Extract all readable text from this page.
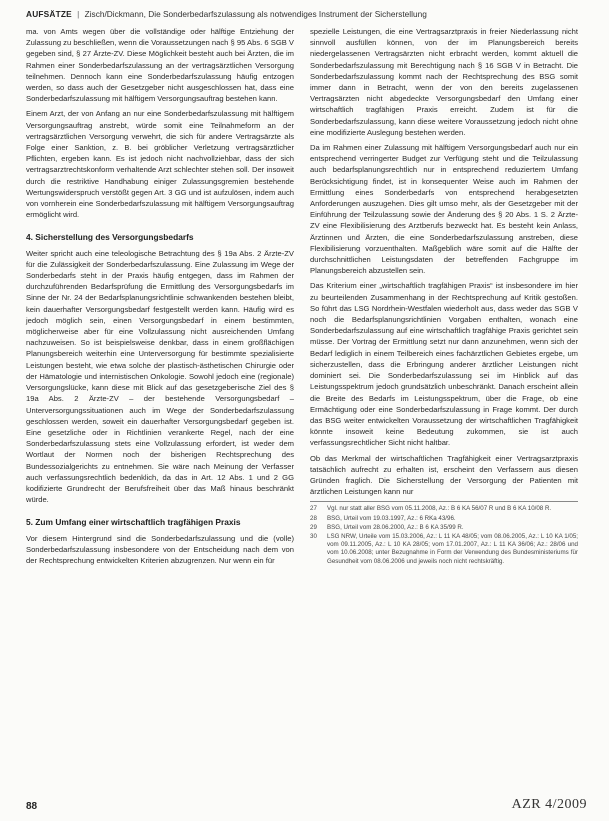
AUFSÄTZE | Zisch/Dickmann, Die Sonderbedarfszulassung als notwendiges Instrument der Sicherstellung

ma. von Amts wegen über die vollständige oder hälftige Entziehung der Zulassung zu beschließen, wenn die Voraussetzungen nach § 95 Abs. 6 SGB V gegeben sind, § 27 Ärzte-ZV. Diese Möglichkeit besteht auch bei Ärzten, die im Rahmen einer Sonderbedarfszulassung an der vertragsärztlichen Versorgung teilnehmen. Dennoch kann eine Sonderbedarfszulassung häufig entzogen werden, so dass auch der Gesetzgeber nicht ausgeschlossen hat, dass eine Sonderbedarfszulassung mit hälftigem Versorgungsauftrag bestehen kann.

Einem Arzt, der von Anfang an nur eine Sonderbedarfszulassung mit hälftigem Versorgungsauftrag anstrebt, würde somit eine Teilnahmeform an der vertragsärztlichen Versorgung verwehrt, die sich für andere Vertragsärzte als Folge einer Sanktion, z. B. bei gröblicher Verletzung vertragsärztlicher Pflichten, ergeben kann. Es ist jedoch nicht nachvollziehbar, dass der sich vertragsarztrechtskonform verhaltende Arzt schlechter stehen soll. Der insoweit durch die restriktive Handhabung einiger Zulassungsgremien bestehende Wertungswiderspruch verstößt gegen Art. 3 GG und ist aufzulösen, indem auch von vornherein eine Sonderbedarfszulassung mit hälftigem Versorgungsauftrag ermöglicht wird.

4. Sicherstellung des Versorgungsbedarfs

Weiter spricht auch eine teleologische Betrachtung des § 19a Abs. 2 Ärzte-ZV für die Zulässigkeit der Sonderbedarfszulassung. Eine Zulassung im Wege der Sonderbedarfs steht in der Praxis häufig entgegen, dass im Rahmen der durchzuführenden Bedarfsprüfung die Ermittlung des Versorgungsbedarfs im Sinne der Nr. 24 der Bedarfsplanungsrichtlinie schwankenden bestehen bleibt, kein dauerhafter Versorgungsbedarf festgestellt werden kann. Häufig wird es jedoch möglich sein, einen Versorgungsbedarf in einem bestimmten, möglicherweise aber für eine Vollzulassung nicht ausreichenden Umfang nachzuweisen. So ist beispielsweise denkbar, dass in einem großflächigen Planungsbereich weiterhin eine Unterversorgung für bestimmte spezialisierte Leistungen besteht, wie etwa solche der plastisch-ästhetischen Chirurgie oder der Hämatologie und internistischen Onkologie. Sowohl jedoch eine (regionale) Versorgungslücke, kann diese mit Blick auf das gesetzgeberische Ziel des § 19a Abs. 2 Ärzte-ZV – der bestehende Versorgungsbedarf – Unterversorgungssituationen auch im Wege der Sonderbedarfszulassung geschlossen werden, soweit ein dauerhafter Versorgungsbedarf gegeben ist. Eine gesetzliche oder in Richtlinien verankerte Regel, nach der eine Sonderbedarfszulassung stets eine Vollzulassung erfordert, ist weder dem Wortlaut der Normen noch der bisherigen Rechtsprechung des Bundessozialgerichts zu entnehmen. Sie wäre nach Meinung der Verfasser auch verfassungsrechtlich bedenklich, da das in Art. 12 Abs. 1 und 2 GG kodifizierte Grundrecht der Berufsfreiheit über das Maß hinaus beschränkt würde.

5. Zum Umfang einer wirtschaftlich tragfähigen Praxis

Vor diesem Hintergrund sind die Sonderbedarfszulassung und die (volle) Sonderbedarfszulassung insbesondere von der Entscheidung nach dem von der Rechtsprechung entwickelten Kriterien abzugrenzen. Nur wenn ein für

spezielle Leistungen, die eine Vertragsarztpraxis in freier Niederlassung nicht sinnvoll ausfüllen können, von der im Planungsbereich bereits niedergelassenen Vertragsärzten nicht erbracht werden, kommt aktuell die Sonderbedarfszulassung mit Berechtigung nach § 16 SGB V in Betracht. Die Sonderbedarfszulassung kommt nach der Rechtsprechung des BSG somit immer dann in Betracht, wenn der von den bereits zugelassenen Vertragsärzten nicht abgedeckte Versorgungsbedarf den Umfang einer wirtschaftlich tragfähigen Praxis erreicht. Zudem ist für die Sonderbedarfszulassung, kann diese weitere Voraussetzung jedoch nicht ohne eine modifizierte Auslegung bestehen werden.

Da im Rahmen einer Zulassung mit hälftigem Versorgungsbedarf auch nur ein entsprechend verringerter Budget zur Verfügung steht und die Teilzulassung auch bedarfsplanungsrechtlich nur in entsprechend reduziertem Umfang Berücksichtigung findet, ist in konsequenter Weise auch im Rahmen der Ermittlung eines Sonderbedarfs von entsprechend herabgesetzten Anforderungen auszugehen. Dies gilt umso mehr, als der Gesetzgeber mit der Einführung der Teilzulassung sowie der Änderung des § 20 Abs. 1 S. 2 Ärzte-ZV eine Flexibilisierung des Arztberufs bezweckt hat. Es besteht kein Anlass, Ärztinnen und Ärzten, die eine Sonderbedarfszulassung anstreben, diese Flexibilisierung vorzuenthalten. Maßgeblich wäre somit auf die Hälfte der durchschnittlichen Leistungsdaten der betreffenden Fachgruppe im Planungsbereich abzustellen sein.

Das Kriterium einer „wirtschaftlich tragfähigen Praxis“ ist insbesondere im hier zu beurteilenden Zusammenhang in der Rechtsprechung auf Kritik gestoßen. So führt das LSG Nordrhein-Westfalen wiederholt aus, dass weder das SGB V noch die Bedarfsplanungsrichtlinien Vorgaben enthalten, wonach eine Sonderbedarfszulassung auf eine wirtschaftlich tragfähige Praxis gerichtet sein müsse. Der Vortrag der Ermittlung setzt nur dann anzunehmen, wenn sich der Bedarf lediglich in einem Teilbereich eines fachärztlichen Gebietes ergebe, um sicherzustellen, dass die Erbringung anderer ärztlicher Leistungen nicht dominiert sei. Die Sonderbedarfszulassung sei im Hinblick auf das Leistungsspektrum jedoch grundsätzlich unbeschränkt. Danach erscheint allein die Breite des Bedarfs im Leistungsspektrum, über die Frage, ob eine Ermächtigung oder eine Sonderbedarfszulassung in Frage kommt. Der durch das BSG weiter entwickelten Voraussetzung der wirtschaftlichen Tragfähigkeit könnte insoweit keine Bedeutung zukommen, sie ist auch verfassungsrechtlicher Sicht nicht haltbar.

Ob das Merkmal der wirtschaftlichen Tragfähigkeit einer Vertragsarztpraxis tatsächlich aufrecht zu erhalten ist, erscheint den Verfassern aus diesen Gründen fraglich. Die Sicherstellung der Versorgung der Patienten mit ärztlichen Leistungen kann nur

27	Vgl. nur statt aller BSG vom 05.11.2008, Az.: B 6 KA 56/07 R und B 6 KA 10/08 R.
28	BSG, Urteil vom 19.03.1997, Az.: 6 RKa 43/96.
29	BSG, Urteil vom 28.06.2000, Az.: B 6 KA 35/99 R.
30	LSG NRW, Urteile vom 15.03.2006, Az.: L 11 KA 48/05; vom 08.06.2005, Az.: L 10 KA 1/05; vom 09.11.2005, Az.: L 10 KA 28/05; vom 17.01.2007, Az.: L 11 KA 36/06; Az.: 28/06 und vom 10.06.2008; unter Bezugnahme in Form der Verwendung des Bundesministeriums für Gesundheit vom 08.06.2006 und jeweils noch nicht rechtskräftig.
88	AZR 4/2009
